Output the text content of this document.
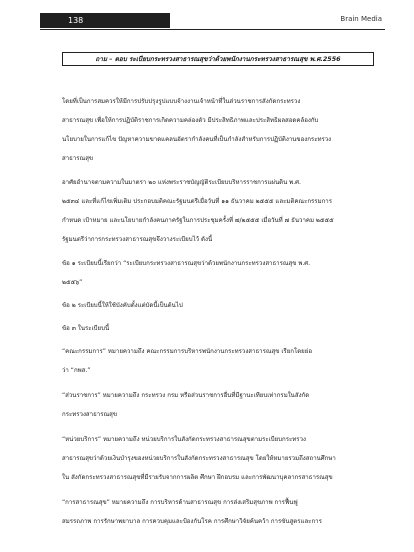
138	Brain Media
ถาม – ตอบ ระเบียบกระทรวงสาธารณสุขว่าด้วยพนักงานกระทรวงสาธารณสุข พ.ศ.2556
โดยที่เป็นการสมควรให้มีการปรับปรุงรูปแบบจ้างงานเจ้าหน้าที่ในส่วนราชการสังกัดกระทรวง
สาธารณสุข เพื่อให้การปฏิบัติราชการเกิดความคล่องตัว มีประสิทธิภาพและประสิทธิผลสอดคล้องกับ
นโยบายในการแก้ไข ปัญหาความขาดแคลนอัตรากำลังคนที่เป็นกำลังสำหรับการปฏิบัติงานของกระทรวง
สาธารณสุข
อาศัยอำนาจตามความในมาตรา ๒๐ แห่งพระราชบัญญัติระเบียบบริหารราชการแผ่นดิน พ.ศ.
๒๕๓๔ และที่แก้ไขเพิ่มเติม ประกอบมติคณะรัฐมนตรีเมื่อวันที่ ๑๑ ธันวาคม ๒๕๕๕ และมติคณะกรรมการ
กำหนด เป้าหมาย และนโยบายกำลังคนภาครัฐในการประชุมครั้งที่ ๗/๒๕๕๕ เมื่อวันที่ ๗ ธันวาคม ๒๕๕๕
รัฐมนตรีว่าการกระทรวงสาธารณสุขจึงวางระเบียบไว้ ดังนี้
ข้อ ๑ ระเบียบนี้เรียกว่า “ระเบียบกระทรวงสาธารณสุขว่าด้วยพนักงานกระทรวงสาธารณสุข พ.ศ.
๒๕๕๖”
ข้อ ๒ ระเบียบนี้ให้ใช้บังคับตั้งแต่บัดนี้เป็นต้นไป
ข้อ ๓ ในระเบียบนี้
“คณะกรรมการ” หมายความถึง คณะกรรมการบริหารพนักงานกระทรวงสาธารณสุข เรียกโดยย่อ
ว่า “กพส.”
“ส่วนราชการ” หมายความถึง กระทรวง กรม หรือส่วนราชการอื่นที่มีฐานะเทียบเท่ากรมในสังกัด
กระทรวงสาธารณสุข
“หน่วยบริการ” หมายความถึง หน่วยบริการในสังกัดกระทรวงสาธารณสุขตามระเบียบกระทรวง
สาธารณสุขว่าด้วยเงินบำรุงของหน่วยบริการในสังกัดกระทรวงสาธารณสุข โดยให้หมายรวมถึงสถานศึกษา
ใน สังกัดกระทรวงสาธารณสุขที่มีรายรับจากการผลิต ศึกษา ฝึกอบรม และการพัฒนาบุคลากรสาธารณสุข
“การสาธารณสุข” หมายความถึง การบริหารด้านสาธารณสุข การส่งเสริมสุขภาพ การฟื้นฟู
สมรรถภาพ การรักษาพยาบาล การควบคุมและป้องกันโรค การศึกษาวิจัยค้นคว้า การขันสูตรและการ
